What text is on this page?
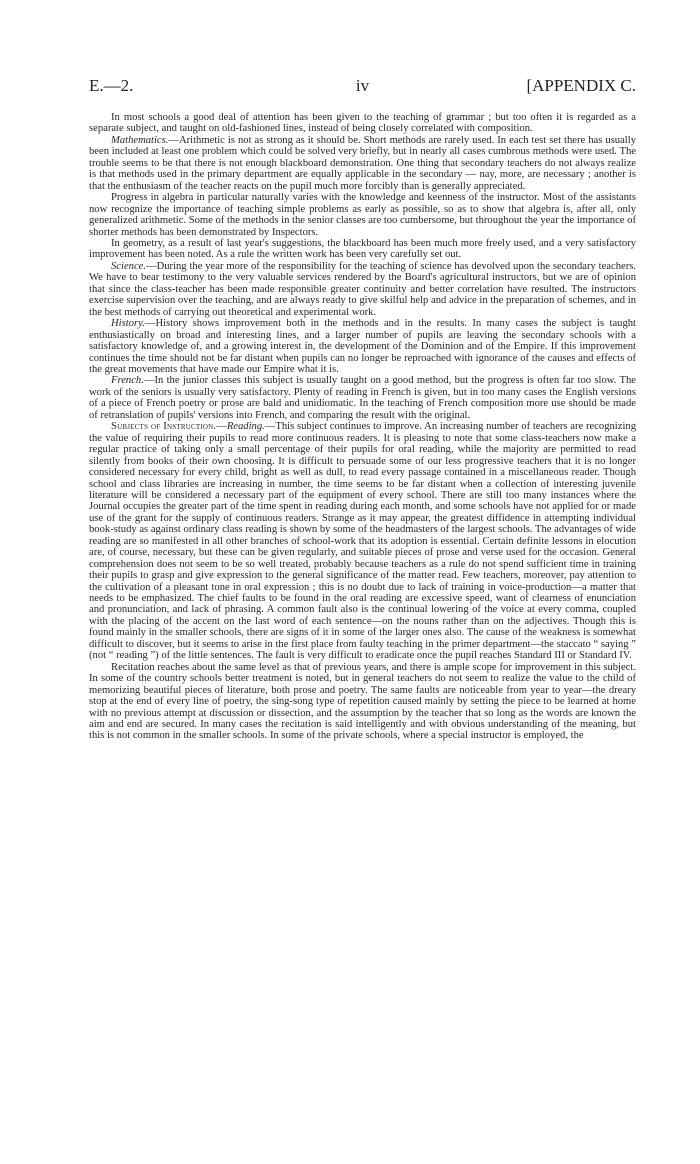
E.—2.	iv	[APPENDIX C.

In most schools a good deal of attention has been given to the teaching of grammar ; but too often it is regarded as a separate subject, and taught on old-fashioned lines, instead of being closely correlated with composition.

Mathematics.—Arithmetic is not as strong as it should be. Short methods are rarely used. In each test set there has usually been included at least one problem which could be solved very briefly, but in nearly all cases cumbrous methods were used. The trouble seems to be that there is not enough blackboard demonstration. One thing that secondary teachers do not always realize is that methods used in the primary department are equally applicable in the secondary — nay, more, are necessary ; another is that the enthusiasm of the teacher reacts on the pupil much more forcibly than is generally appreciated.

Progress in algebra in particular naturally varies with the knowledge and keenness of the instructor. Most of the assistants now recognize the importance of teaching simple problems as early as possible, so as to show that algebra is, after all, only generalized arithmetic. Some of the methods in the senior classes are too cumbersome, but throughout the year the importance of shorter methods has been demonstrated by Inspectors.

In geometry, as a result of last year's suggestions, the blackboard has been much more freely used, and a very satisfactory improvement has been noted. As a rule the written work has been very carefully set out.

Science.—During the year more of the responsibility for the teaching of science has devolved upon the secondary teachers. We have to bear testimony to the very valuable services rendered by the Board's agricultural instructors, but we are of opinion that since the class-teacher has been made responsible greater continuity and better correlation have resulted. The instructors exercise supervision over the teaching, and are always ready to give skilful help and advice in the preparation of schemes, and in the best methods of carrying out theoretical and experimental work.

History.—History shows improvement both in the methods and in the results. In many cases the subject is taught enthusiastically on broad and interesting lines, and a larger number of pupils are leaving the secondary schools with a satisfactory knowledge of, and a growing interest in, the development of the Dominion and of the Empire. If this improvement continues the time should not be far distant when pupils can no longer be reproached with ignorance of the causes and effects of the great movements that have made our Empire what it is.

French.—In the junior classes this subject is usually taught on a good method, but the progress is often far too slow. The work of the seniors is usually very satisfactory. Plenty of reading in French is given, but in too many cases the English versions of a piece of French poetry or prose are bald and unidiomatic. In the teaching of French composition more use should be made of retranslation of pupils' versions into French, and comparing the result with the original.

Subjects of Instruction.—Reading.—This subject continues to improve. An increasing number of teachers are recognizing the value of requiring their pupils to read more continuous readers. It is pleasing to note that some class-teachers now make a regular practice of taking only a small percentage of their pupils for oral reading, while the majority are permitted to read silently from books of their own choosing. It is difficult to persuade some of our less progressive teachers that it is no longer considered necessary for every child, bright as well as dull, to read every passage contained in a miscellaneous reader. Though school and class libraries are increasing in number, the time seems to be far distant when a collection of interesting juvenile literature will be considered a necessary part of the equipment of every school. There are still too many instances where the Journal occupies the greater part of the time spent in reading during each month, and some schools have not applied for or made use of the grant for the supply of continuous readers. Strange as it may appear, the greatest diffidence in attempting individual book-study as against ordinary class reading is shown by some of the headmasters of the largest schools. The advantages of wide reading are so manifested in all other branches of school-work that its adoption is essential. Certain definite lessons in elocution are, of course, necessary, but these can be given regularly, and suitable pieces of prose and verse used for the occasion. General comprehension does not seem to be so well treated, probably because teachers as a rule do not spend sufficient time in training their pupils to grasp and give expression to the general significance of the matter read. Few teachers, moreover, pay attention to the cultivation of a pleasant tone in oral expression ; this is no doubt due to lack of training in voice-production—a matter that needs to be emphasized. The chief faults to be found in the oral reading are excessive speed, want of clearness of enunciation and pronunciation, and lack of phrasing. A common fault also is the continual lowering of the voice at every comma, coupled with the placing of the accent on the last word of each sentence—on the nouns rather than on the adjectives. Though this is found mainly in the smaller schools, there are signs of it in some of the larger ones also. The cause of the weakness is somewhat difficult to discover, but it seems to arise in the first place from faulty teaching in the primer department—the staccato “ saying ” (not “ reading ”) of the little sentences. The fault is very difficult to eradicate once the pupil reaches Standard III or Standard IV.

Recitation reaches about the same level as that of previous years, and there is ample scope for improvement in this subject. In some of the country schools better treatment is noted, but in general teachers do not seem to realize the value to the child of memorizing beautiful pieces of literature, both prose and poetry. The same faults are noticeable from year to year—the dreary stop at the end of every line of poetry, the sing-song type of repetition caused mainly by setting the piece to be learned at home with no previous attempt at discussion or dissection, and the assumption by the teacher that so long as the words are known the aim and end are secured. In many cases the recitation is said intelligently and with obvious understanding of the meaning, but this is not common in the smaller schools. In some of the private schools, where a special instructor is employed, the
